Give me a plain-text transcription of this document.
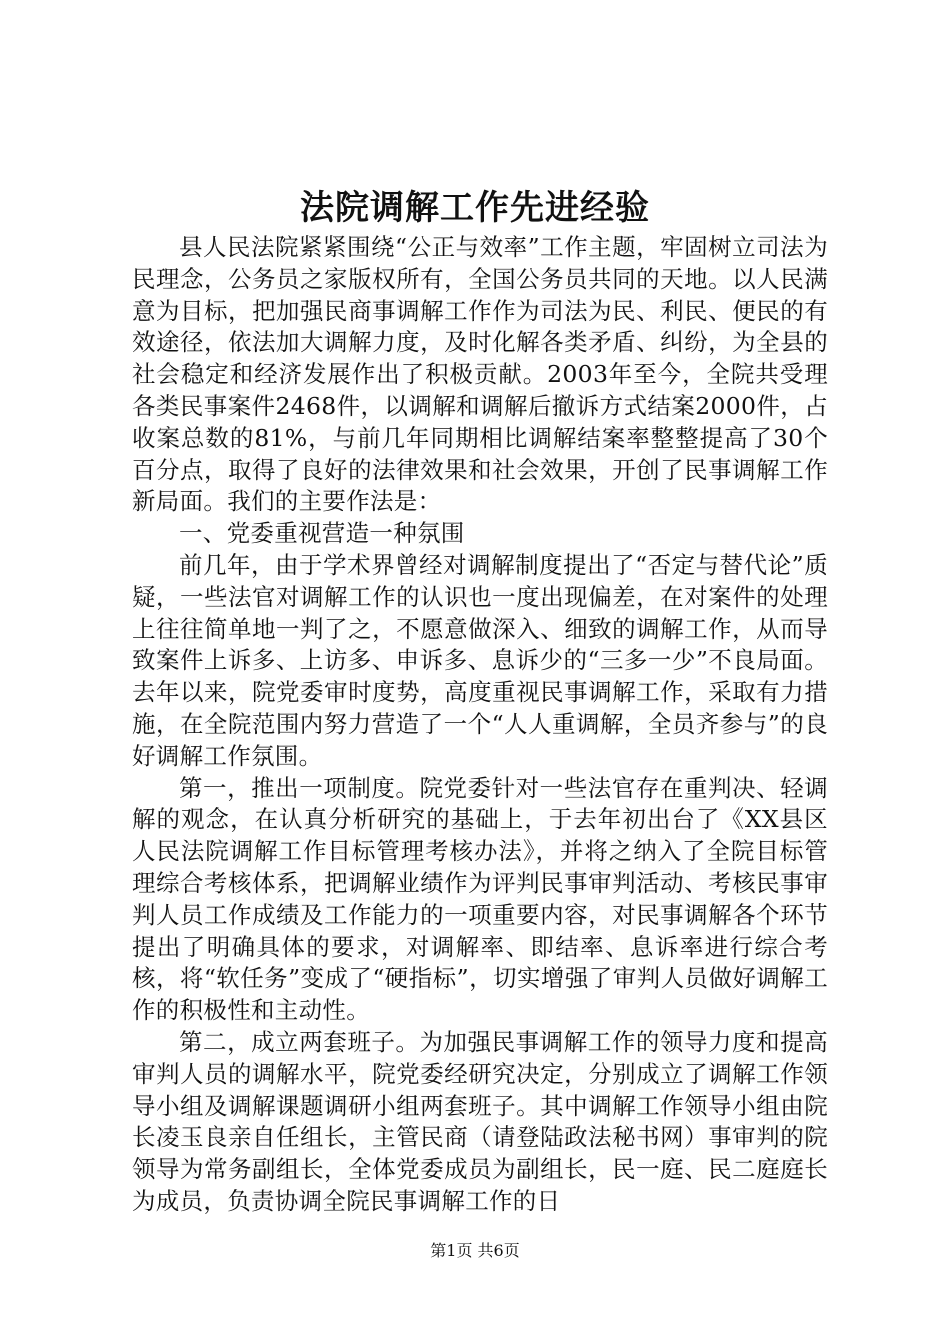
法院调解工作先进经验

县人民法院紧紧围绕“公正与效率”工作主题，牢固树立司法为民理念，公务员之家版权所有，全国公务员共同的天地。以人民满意为目标，把加强民商事调解工作作为司法为民、利民、便民的有效途径，依法加大调解力度，及时化解各类矛盾、纠纷，为全县的社会稳定和经济发展作出了积极贡献。2003年至今，全院共受理各类民事案件2468件，以调解和调解后撤诉方式结案2000件，占收案总数的81%，与前几年同期相比调解结案率整整提高了30个百分点，取得了良好的法律效果和社会效果，开创了民事调解工作新局面。我们的主要作法是：

一、党委重视营造一种氛围

前几年，由于学术界曾经对调解制度提出了“否定与替代论”质疑，一些法官对调解工作的认识也一度出现偏差，在对案件的处理上往往简单地一判了之，不愿意做深入、细致的调解工作，从而导致案件上诉多、上访多、申诉多、息诉少的“三多一少”不良局面。去年以来，院党委审时度势，高度重视民事调解工作，采取有力措施，在全院范围内努力营造了一个“人人重调解，全员齐参与”的良好调解工作氛围。

第一，推出一项制度。院党委针对一些法官存在重判决、轻调解的观念，在认真分析研究的基础上，于去年初出台了《XX县区人民法院调解工作目标管理考核办法》，并将之纳入了全院目标管理综合考核体系，把调解业绩作为评判民事审判活动、考核民事审判人员工作成绩及工作能力的一项重要内容，对民事调解各个环节提出了明确具体的要求，对调解率、即结率、息诉率进行综合考核，将“软任务”变成了“硬指标”，切实增强了审判人员做好调解工作的积极性和主动性。

第二，成立两套班子。为加强民事调解工作的领导力度和提高审判人员的调解水平，院党委经研究决定，分别成立了调解工作领导小组及调解课题调研小组两套班子。其中调解工作领导小组由院长凌玉良亲自任组长，主管民商（请登陆政法秘书网）事审判的院领导为常务副组长，全体党委成员为副组长，民一庭、民二庭庭长为成员，负责协调全院民事调解工作的日

第1页 共6页
